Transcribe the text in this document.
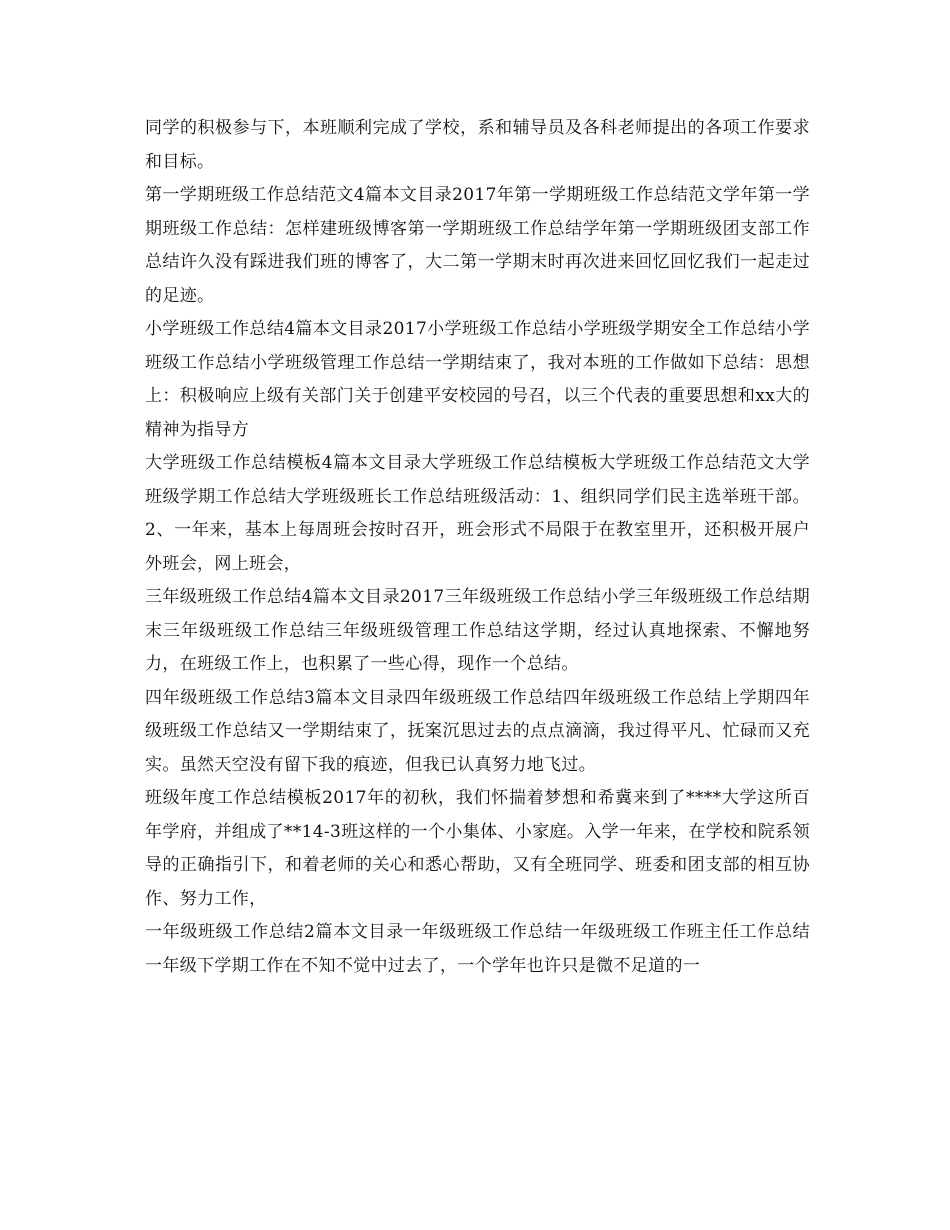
同学的积极参与下，本班顺利完成了学校，系和辅导员及各科老师提出的各项工作要求和目标。

第一学期班级工作总结范文4篇本文目录2017年第一学期班级工作总结范文学年第一学期班级工作总结：怎样建班级博客第一学期班级工作总结学年第一学期班级团支部工作总结许久没有踩进我们班的博客了，大二第一学期末时再次进来回忆回忆我们一起走过的足迹。

小学班级工作总结4篇本文目录2017小学班级工作总结小学班级学期安全工作总结小学班级工作总结小学班级管理工作总结一学期结束了，我对本班的工作做如下总结：思想上：积极响应上级有关部门关于创建平安校园的号召，以三个代表的重要思想和xx大的精神为指导方

大学班级工作总结模板4篇本文目录大学班级工作总结模板大学班级工作总结范文大学班级学期工作总结大学班级班长工作总结班级活动：1、组织同学们民主选举班干部。2、一年来，基本上每周班会按时召开，班会形式不局限于在教室里开，还积极开展户外班会，网上班会，

三年级班级工作总结4篇本文目录2017三年级班级工作总结小学三年级班级工作总结期末三年级班级工作总结三年级班级管理工作总结这学期，经过认真地探索、不懈地努力，在班级工作上，也积累了一些心得，现作一个总结。

四年级班级工作总结3篇本文目录四年级班级工作总结四年级班级工作总结上学期四年级班级工作总结又一学期结束了，抚案沉思过去的点点滴滴，我过得平凡、忙碌而又充实。虽然天空没有留下我的痕迹，但我已认真努力地飞过。

班级年度工作总结模板2017年的初秋，我们怀揣着梦想和希冀来到了****大学这所百年学府，并组成了**14-3班这样的一个小集体、小家庭。入学一年来，在学校和院系领导的正确指引下，和着老师的关心和悉心帮助，又有全班同学、班委和团支部的相互协作、努力工作，

一年级班级工作总结2篇本文目录一年级班级工作总结一年级班级工作班主任工作总结一年级下学期工作在不知不觉中过去了，一个学年也许只是微不足道的一
